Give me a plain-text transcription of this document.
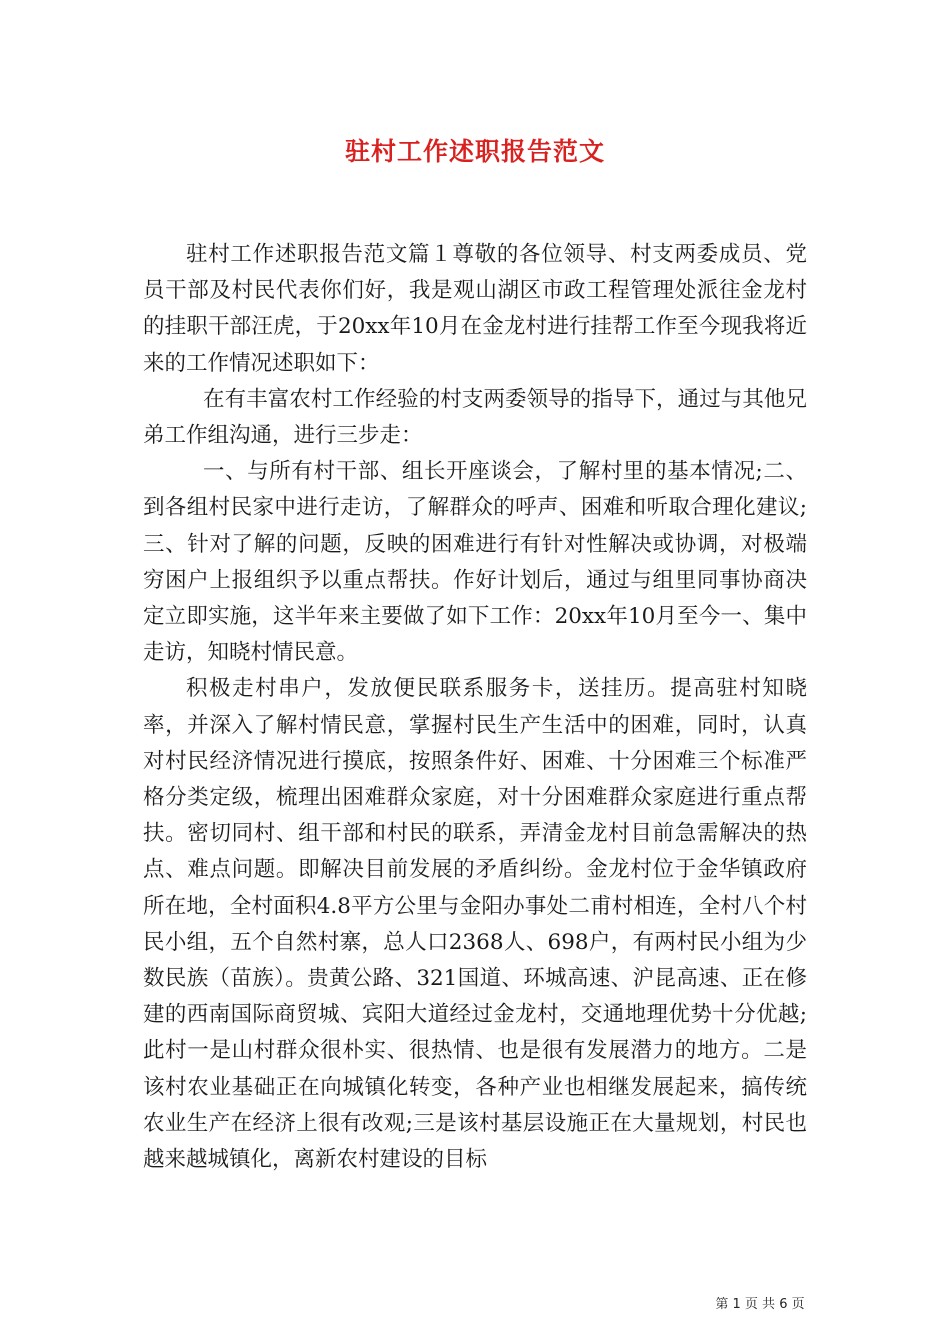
驻村工作述职报告范文

驻村工作述职报告范文篇１尊敬的各位领导、村支两委成员、党员干部及村民代表你们好，我是观山湖区市政工程管理处派往金龙村的挂职干部汪虎，于20xx年10月在金龙村进行挂帮工作至今现我将近来的工作情况述职如下：

在有丰富农村工作经验的村支两委领导的指导下，通过与其他兄弟工作组沟通，进行三步走：

一、与所有村干部、组长开座谈会，了解村里的基本情况;二、到各组村民家中进行走访，了解群众的呼声、困难和听取合理化建议;三、针对了解的问题，反映的困难进行有针对性解决或协调，对极端穷困户上报组织予以重点帮扶。作好计划后，通过与组里同事协商决定立即实施，这半年来主要做了如下工作：20xx年10月至今一、集中走访，知晓村情民意。

积极走村串户，发放便民联系服务卡，送挂历。提高驻村知晓率，并深入了解村情民意，掌握村民生产生活中的困难，同时，认真对村民经济情况进行摸底，按照条件好、困难、十分困难三个标准严格分类定级，梳理出困难群众家庭，对十分困难群众家庭进行重点帮扶。密切同村、组干部和村民的联系，弄清金龙村目前急需解决的热点、难点问题。即解决目前发展的矛盾纠纷。金龙村位于金华镇政府所在地，全村面积4.8平方公里与金阳办事处二甫村相连，全村八个村民小组，五个自然村寨，总人口2368人、698户，有两村民小组为少数民族（苗族）。贵黄公路、321国道、环城高速、沪昆高速、正在修建的西南国际商贸城、宾阳大道经过金龙村，交通地理优势十分优越;此村一是山村群众很朴实、很热情、也是很有发展潜力的地方。二是该村农业基础正在向城镇化转变，各种产业也相继发展起来，搞传统农业生产在经济上很有改观;三是该村基层设施正在大量规划，村民也越来越城镇化，离新农村建设的目标

第 1 页 共 6 页
